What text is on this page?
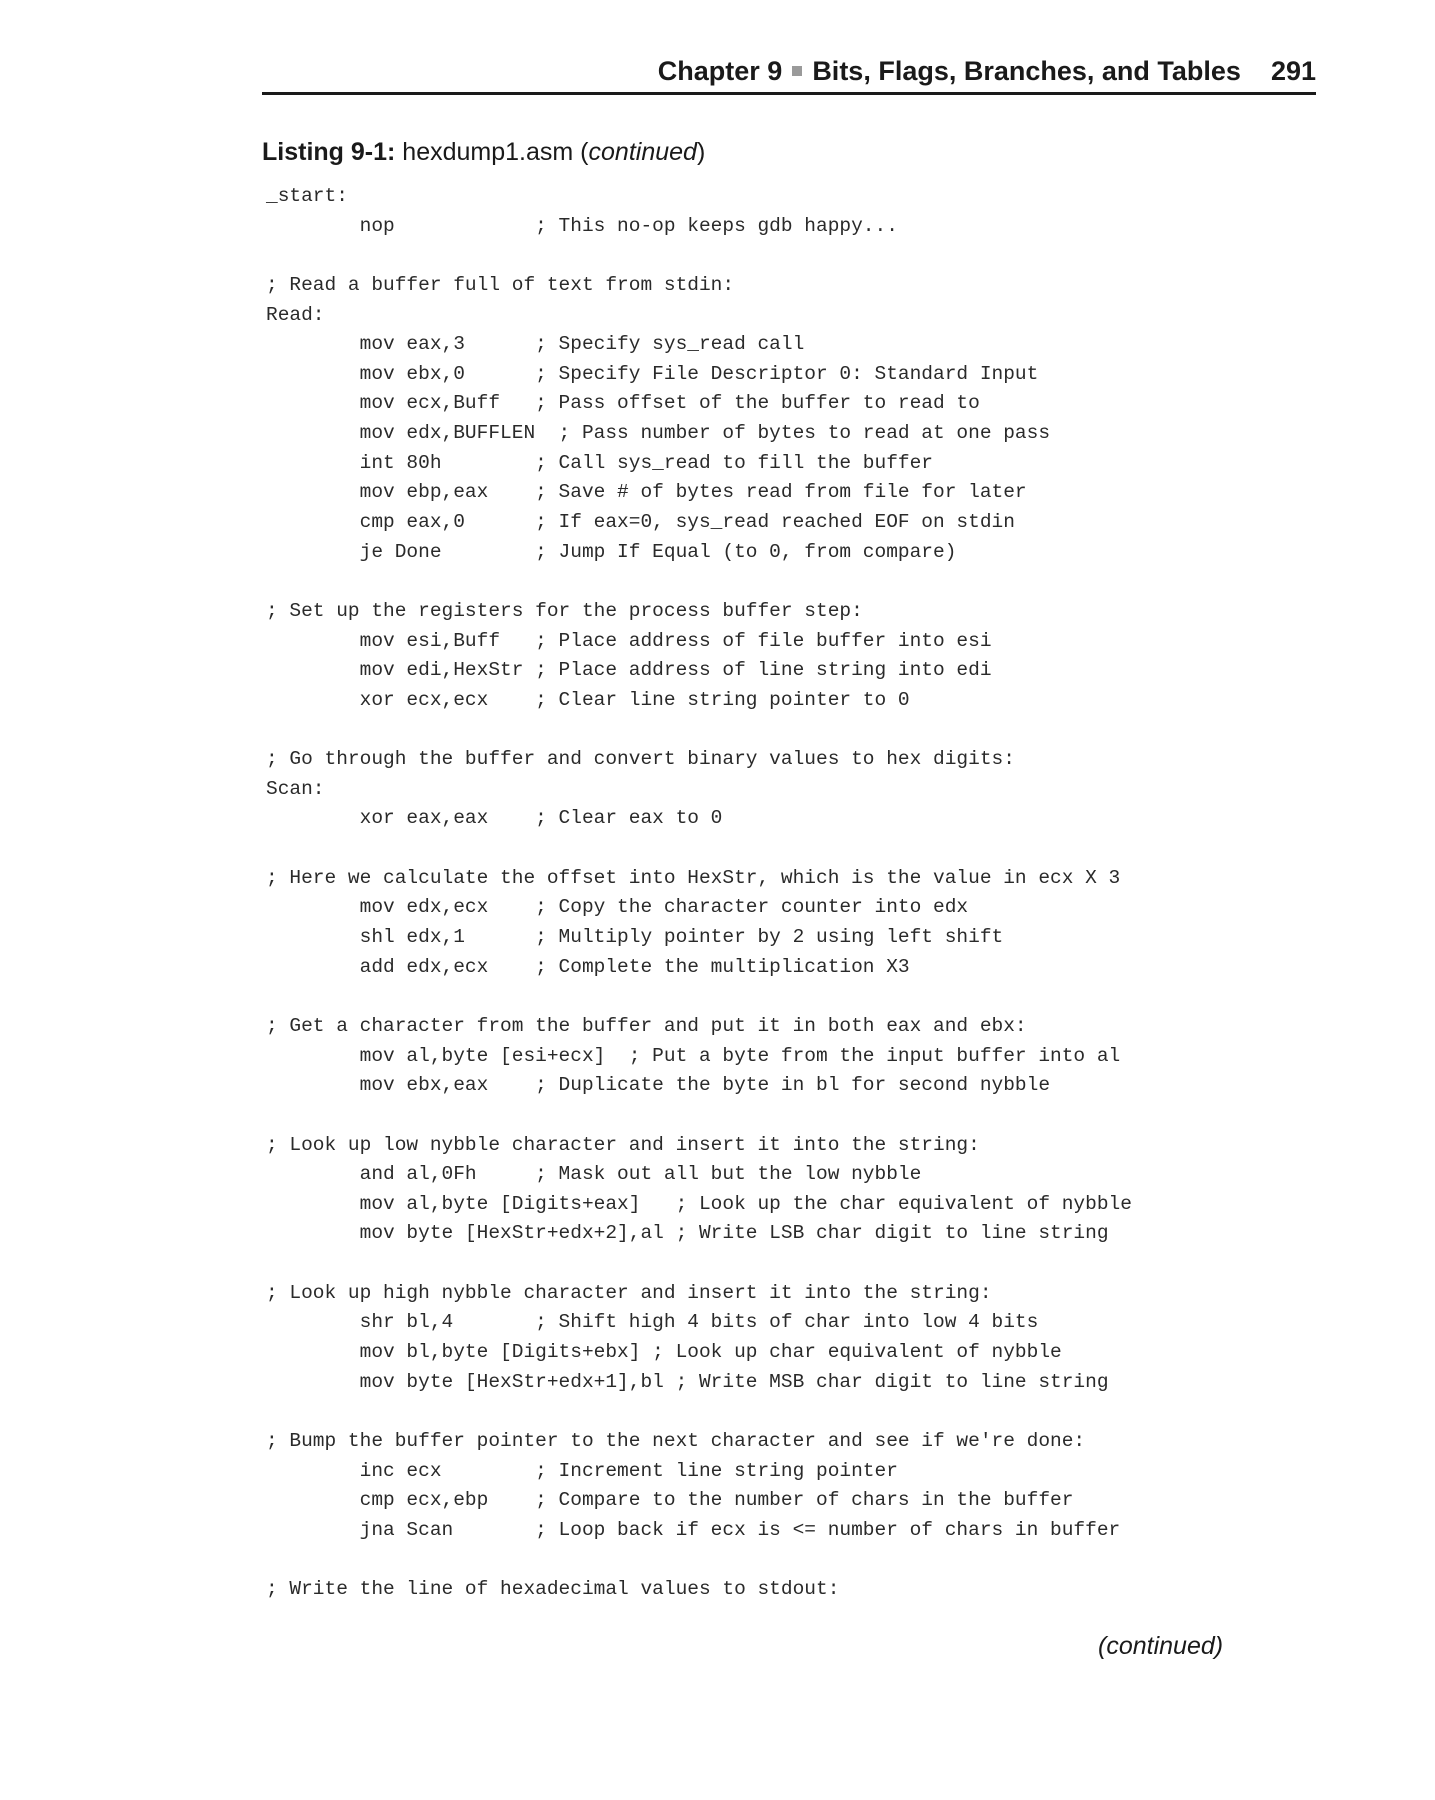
Chapter 9 Bits, Flags, Branches, and Tables 291
Listing 9-1: hexdump1.asm (continued)
_start:
nop            ; This no-op keeps gdb happy...
; Read a buffer full of text from stdin:
Read:
mov eax,3      ; Specify sys_read call
mov ebx,0      ; Specify File Descriptor 0: Standard Input
mov ecx,Buff   ; Pass offset of the buffer to read to
mov edx,BUFFLEN  ; Pass number of bytes to read at one pass
int 80h        ; Call sys_read to fill the buffer
mov ebp,eax    ; Save # of bytes read from file for later
cmp eax,0      ; If eax=0, sys_read reached EOF on stdin
je Done        ; Jump If Equal (to 0, from compare)
; Set up the registers for the process buffer step:
mov esi,Buff   ; Place address of file buffer into esi
mov edi,HexStr ; Place address of line string into edi
xor ecx,ecx    ; Clear line string pointer to 0
; Go through the buffer and convert binary values to hex digits:
Scan:
xor eax,eax    ; Clear eax to 0
; Here we calculate the offset into HexStr, which is the value in ecx X 3
mov edx,ecx    ; Copy the character counter into edx
shl edx,1      ; Multiply pointer by 2 using left shift
add edx,ecx    ; Complete the multiplication X3
; Get a character from the buffer and put it in both eax and ebx:
mov al,byte [esi+ecx]  ; Put a byte from the input buffer into al
mov ebx,eax    ; Duplicate the byte in bl for second nybble
; Look up low nybble character and insert it into the string:
and al,0Fh     ; Mask out all but the low nybble
mov al,byte [Digits+eax]   ; Look up the char equivalent of nybble
mov byte [HexStr+edx+2],al ; Write LSB char digit to line string
; Look up high nybble character and insert it into the string:
shr bl,4       ; Shift high 4 bits of char into low 4 bits
mov bl,byte [Digits+ebx] ; Look up char equivalent of nybble
mov byte [HexStr+edx+1],bl ; Write MSB char digit to line string
; Bump the buffer pointer to the next character and see if we're done:
inc ecx        ; Increment line string pointer
cmp ecx,ebp    ; Compare to the number of chars in the buffer
jna Scan       ; Loop back if ecx is <= number of chars in buffer
; Write the line of hexadecimal values to stdout:
(continued)
